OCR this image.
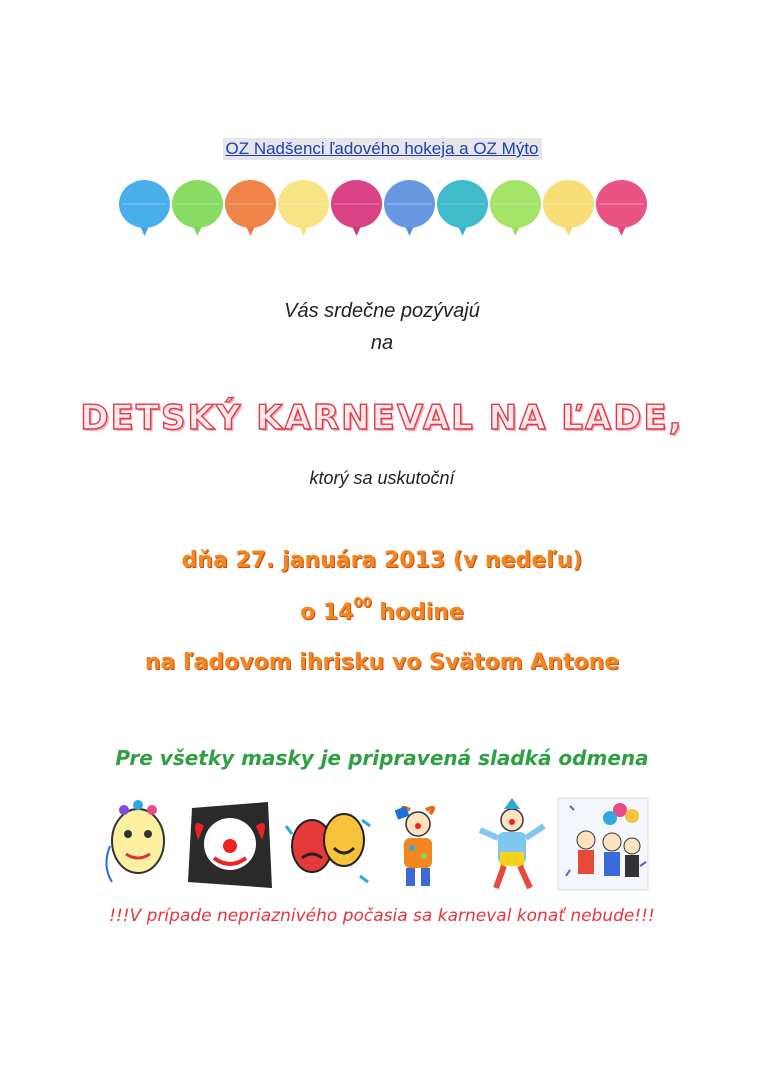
OZ Nadšenci ľadového hokeja a OZ Mýto
Vás srdečne pozývajú
na
DETSKÝ KARNEVAL NA ĽADE,
ktorý sa uskutoční
dňa 27. januára 2013 (v nedeľu)
o $14^{00}$ hodine
na ľadovom ihrisku vo Svätom Antone
Pre všetky masky je pripravená sladká odmena
!!!V prípade nepriaznivého počasia sa karneval konať nebude!!!
